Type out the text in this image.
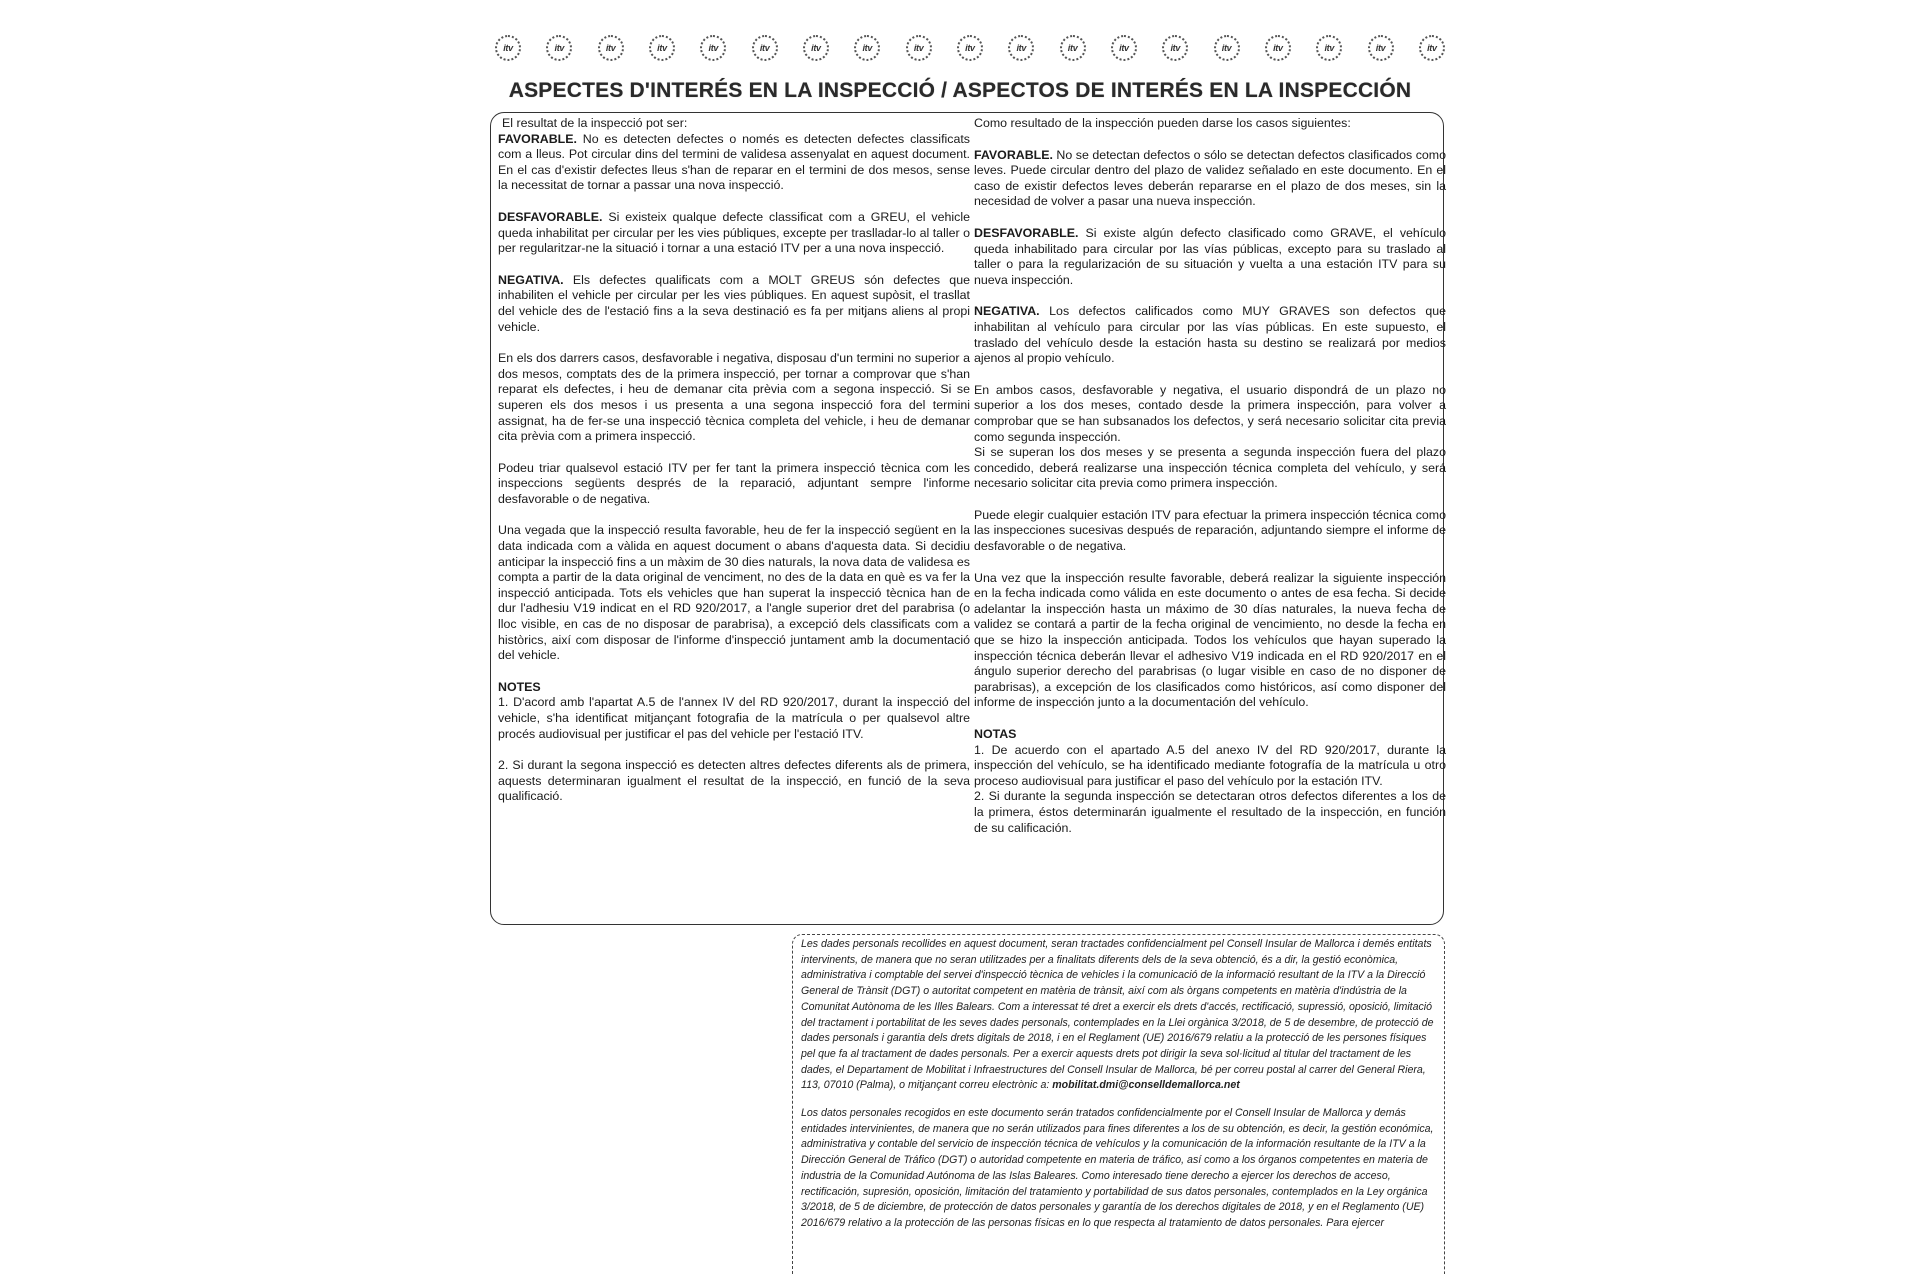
itv	itv	itv	itv	itv	itv	itv	itv	itv	itv	itv	itv	itv	itv	itv	itv	itv	itv	itv
ASPECTES D'INTERÉS EN LA INSPECCIÓ / ASPECTOS DE INTERÉS EN LA INSPECCIÓN

El resultat de la inspecció pot ser:

FAVORABLE. No es detecten defectes o només es detecten defectes classificats com a lleus. Pot circular dins del termini de validesa assenyalat en aquest document. En el cas d'existir defectes lleus s'han de reparar en el termini de dos mesos, sense la necessitat de tornar a passar una nova inspecció.

DESFAVORABLE. Si existeix qualque defecte classificat com a GREU, el vehicle queda inhabilitat per circular per les vies públiques, excepte per traslladar-lo al taller o per regularitzar-ne la situació i tornar a una estació ITV per a una nova inspecció.

NEGATIVA. Els defectes qualificats com a MOLT GREUS són defectes que inhabiliten el vehicle per circular per les vies públiques. En aquest supòsit, el trasllat del vehicle des de l'estació fins a la seva destinació es fa per mitjans aliens al propi vehicle.

En els dos darrers casos, desfavorable i negativa, disposau d'un termini no superior a dos mesos, comptats des de la primera inspecció, per tornar a comprovar que s'han reparat els defectes, i heu de demanar cita prèvia com a segona inspecció. Si se superen els dos mesos i us presenta a una segona inspecció fora del termini assignat, ha de fer-se una inspecció tècnica completa del vehicle, i heu de demanar cita prèvia com a primera inspecció.

Podeu triar qualsevol estació ITV per fer tant la primera inspecció tècnica com les inspeccions següents després de la reparació, adjuntant sempre l'informe desfavorable o de negativa.

Una vegada que la inspecció resulta favorable, heu de fer la inspecció següent en la data indicada com a vàlida en aquest document o abans d'aquesta data. Si decidiu anticipar la inspecció fins a un màxim de 30 dies naturals, la nova data de validesa es compta a partir de la data original de venciment, no des de la data en què es va fer la inspecció anticipada. Tots els vehicles que han superat la inspecció tècnica han de dur l'adhesiu V19 indicat en el RD 920/2017, a l'angle superior dret del parabrisa (o lloc visible, en cas de no disposar de parabrisa), a excepció dels classificats com a històrics, així com disposar de l'informe d'inspecció juntament amb la documentació del vehicle.

NOTES

1. D'acord amb l'apartat A.5 de l'annex IV del RD 920/2017, durant la inspecció del vehicle, s'ha identificat mitjançant fotografia de la matrícula o per qualsevol altre procés audiovisual per justificar el pas del vehicle per l'estació ITV.

2. Si durant la segona inspecció es detecten altres defectes diferents als de primera, aquests determinaran igualment el resultat de la inspecció, en funció de la seva qualificació.

Como resultado de la inspección pueden darse los casos siguientes:

FAVORABLE. No se detectan defectos o sólo se detectan defectos clasificados como leves. Puede circular dentro del plazo de validez señalado en este documento. En el caso de existir defectos leves deberán repararse en el plazo de dos meses, sin la necesidad de volver a pasar una nueva inspección.

DESFAVORABLE. Si existe algún defecto clasificado como GRAVE, el vehículo queda inhabilitado para circular por las vías públicas, excepto para su traslado al taller o para la regularización de su situación y vuelta a una estación ITV para su nueva inspección.

NEGATIVA. Los defectos calificados como MUY GRAVES son defectos que inhabilitan al vehículo para circular por las vías públicas. En este supuesto, el traslado del vehículo desde la estación hasta su destino se realizará por medios ajenos al propio vehículo.

En ambos casos, desfavorable y negativa, el usuario dispondrá de un plazo no superior a los dos meses, contado desde la primera inspección, para volver a comprobar que se han subsanados los defectos, y será necesario solicitar cita previa como segunda inspección.

Si se superan los dos meses y se presenta a segunda inspección fuera del plazo concedido, deberá realizarse una inspección técnica completa del vehículo, y será necesario solicitar cita previa como primera inspección.

Puede elegir cualquier estación ITV para efectuar la primera inspección técnica como las inspecciones sucesivas después de reparación, adjuntando siempre el informe de desfavorable o de negativa.

Una vez que la inspección resulte favorable, deberá realizar la siguiente inspección en la fecha indicada como válida en este documento o antes de esa fecha. Si decide adelantar la inspección hasta un máximo de 30 días naturales, la nueva fecha de validez se contará a partir de la fecha original de vencimiento, no desde la fecha en que se hizo la inspección anticipada. Todos los vehículos que hayan superado la inspección técnica deberán llevar el adhesivo V19 indicada en el RD 920/2017 en el ángulo superior derecho del parabrisas (o lugar visible en caso de no disponer de parabrisas), a excepción de los clasificados como históricos, así como disponer del informe de inspección junto a la documentación del vehículo.

NOTAS

1. De acuerdo con el apartado A.5 del anexo IV del RD 920/2017, durante la inspección del vehículo, se ha identificado mediante fotografía de la matrícula u otro proceso audiovisual para justificar el paso del vehículo por la estación ITV.

2. Si durante la segunda inspección se detectaran otros defectos diferentes a los de la primera, éstos determinarán igualmente el resultado de la inspección, en función de su calificación.

Les dades personals recollides en aquest document, seran tractades confidencialment pel Consell Insular de Mallorca i demés entitats intervinents, de manera que no seran utilitzades per a finalitats diferents dels de la seva obtenció, és a dir, la gestió econòmica, administrativa i comptable del servei d'inspecció tècnica de vehicles i la comunicació de la informació resultant de la ITV a la Direcció General de Trànsit (DGT) o autoritat competent en matèria de trànsit, així com als òrgans competents en matèria d'indústria de la Comunitat Autònoma de les Illes Balears. Com a interessat té dret a exercir els drets d'accés, rectificació, supressió, oposició, limitació del tractament i portabilitat de les seves dades personals, contemplades en la Llei orgànica 3/2018, de 5 de desembre, de protecció de dades personals i garantia dels drets digitals de 2018, i en el Reglament (UE) 2016/679 relatiu a la protecció de les persones físiques pel que fa al tractament de dades personals. Per a exercir aquests drets pot dirigir la seva sol·licitud al titular del tractament de les dades, el Departament de Mobilitat i Infraestructures del Consell Insular de Mallorca, bé per correu postal al carrer del General Riera, 113, 07010 (Palma), o mitjançant correu electrònic a: mobilitat.dmi@conselldemallorca.net

Los datos personales recogidos en este documento serán tratados confidencialmente por el Consell Insular de Mallorca y demás entidades intervinientes, de manera que no serán utilizados para fines diferentes a los de su obtención, es decir, la gestión económica, administrativa y contable del servicio de inspección técnica de vehículos y la comunicación de la información resultante de la ITV a la Dirección General de Tráfico (DGT) o autoridad competente en materia de tráfico, así como a los órganos competentes en materia de industria de la Comunidad Autónoma de las Islas Baleares. Como interesado tiene derecho a ejercer los derechos de acceso, rectificación, supresión, oposición, limitación del tratamiento y portabilidad de sus datos personales, contemplados en la Ley orgánica 3/2018, de 5 de diciembre, de protección de datos personales y garantía de los derechos digitales de 2018, y en el Reglamento (UE) 2016/679 relativo a la protección de las personas físicas en lo que respecta al tratamiento de datos personales. Para ejercer
